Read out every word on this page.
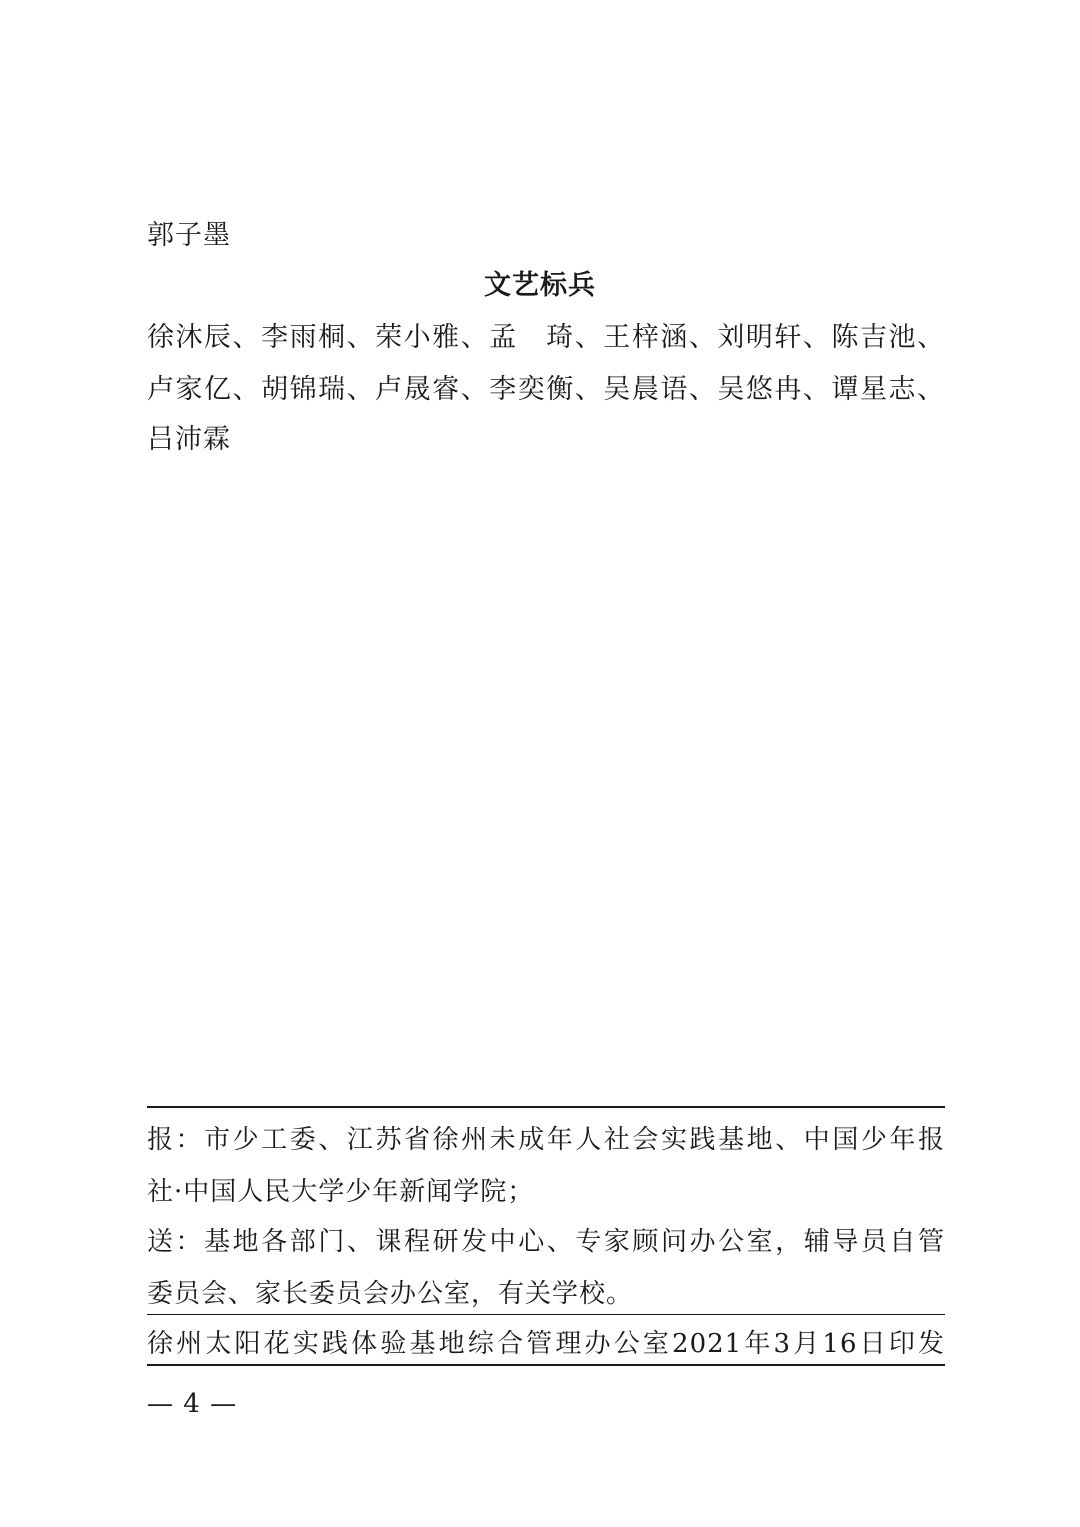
郭子墨
文艺标兵
徐沐辰、李雨桐、荣小雅、孟　琦、王梓涵、刘明轩、陈吉池、
卢家亿、胡锦瑞、卢晟睿、李奕衡、吴晨语、吴悠冉、谭星志、
吕沛霖
报：市少工委、江苏省徐州未成年人社会实践基地、中国少年报
社·中国人民大学少年新闻学院；
送：基地各部门、课程研发中心、专家顾问办公室，辅导员自管
委员会、家长委员会办公室，有关学校。
徐州太阳花实践体验基地综合管理办公室2021年3月16日印发
— 4 —
